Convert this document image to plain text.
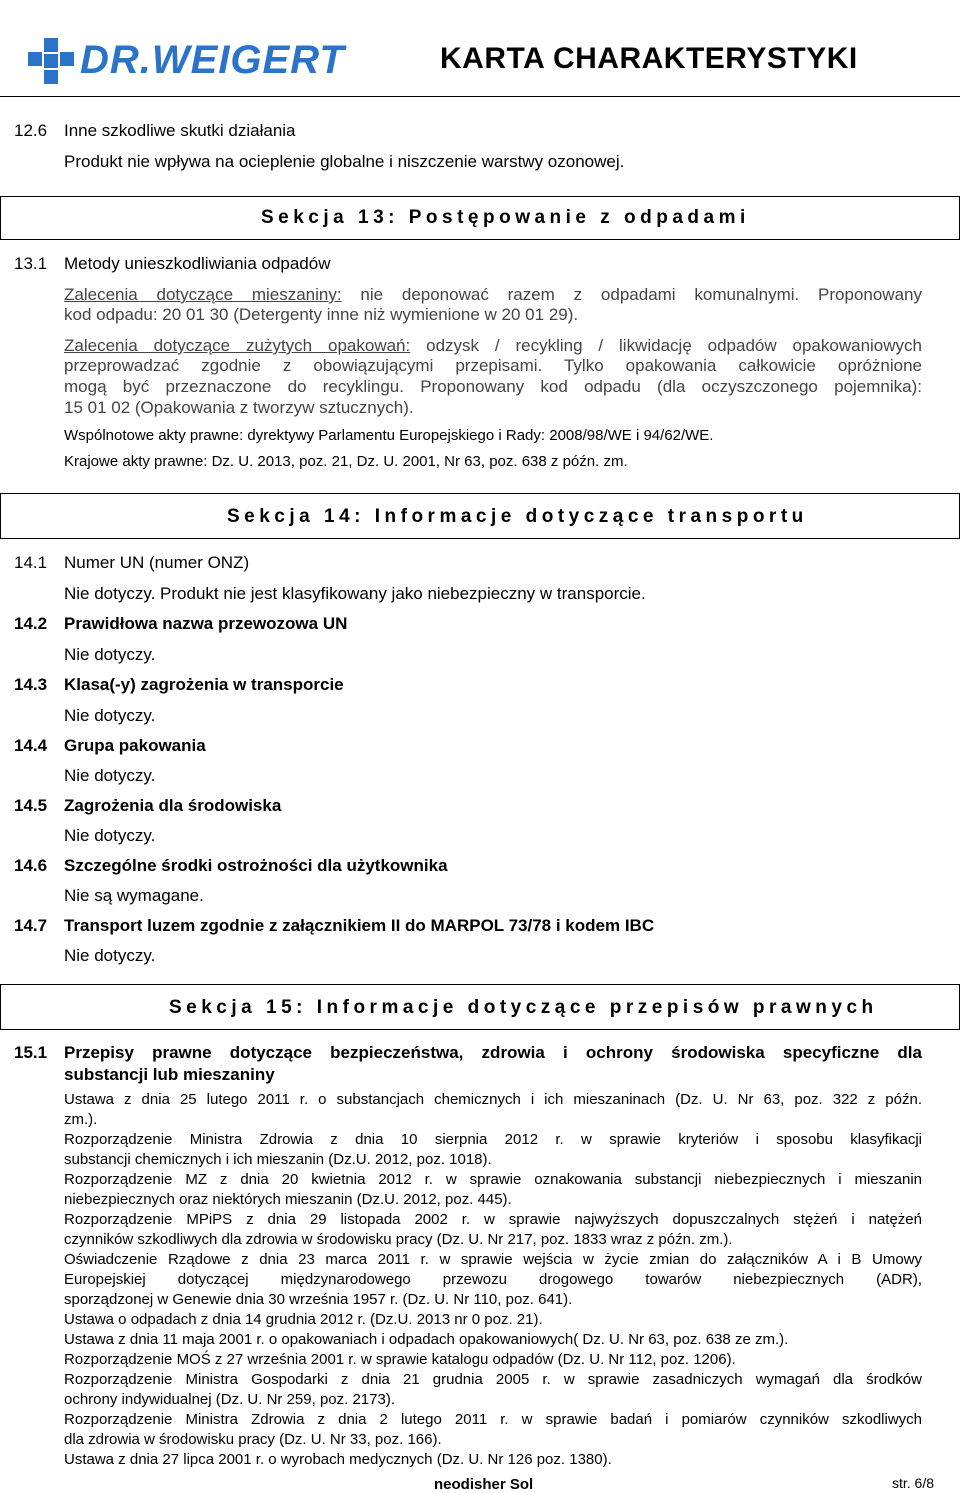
Data aktualizacji: 22.05.2013 r.	Wersja: 3.0/PL
DR.WEIGERT	KARTA CHARAKTERYSTYKI
12.6 Inne szkodliwe skutki działania
Produkt nie wpływa na ocieplenie globalne i niszczenie warstwy ozonowej.
Sekcja 13: Postępowanie z odpadami
13.1 Metody unieszkodliwiania odpadów
Zalecenia dotyczące mieszaniny: nie deponować razem z odpadami komunalnymi. Proponowany
kod odpadu: 20 01 30 (Detergenty inne niż wymienione w 20 01 29).
Zalecenia dotyczące zużytych opakowań: odzysk / recykling / likwidację odpadów opakowaniowych
przeprowadzać zgodnie z obowiązującymi przepisami. Tylko opakowania całkowicie opróżnione
mogą być przeznaczone do recyklingu. Proponowany kod odpadu (dla oczyszczonego pojemnika):
15 01 02 (Opakowania z tworzyw sztucznych).
Wspólnotowe akty prawne: dyrektywy Parlamentu Europejskiego i Rady: 2008/98/WE i 94/62/WE.
Krajowe akty prawne: Dz. U. 2013, poz. 21, Dz. U. 2001, Nr 63, poz. 638 z późn. zm.
Sekcja 14: Informacje dotyczące transportu
14.1 Numer UN (numer ONZ)
Nie dotyczy. Produkt nie jest klasyfikowany jako niebezpieczny w transporcie.
14.2 Prawidłowa nazwa przewozowa UN
Nie dotyczy.
14.3 Klasa(-y) zagrożenia w transporcie
Nie dotyczy.
14.4 Grupa pakowania
Nie dotyczy.
14.5 Zagrożenia dla środowiska
Nie dotyczy.
14.6 Szczególne środki ostrożności dla użytkownika
Nie są wymagane.
14.7 Transport luzem zgodnie z załącznikiem II do MARPOL 73/78 i kodem IBC
Nie dotyczy.
Sekcja 15: Informacje dotyczące przepisów prawnych
15.1 Przepisy prawne dotyczące bezpieczeństwa, zdrowia i ochrony środowiska specyficzne dla
substancji lub mieszaniny
Ustawa z dnia 25 lutego 2011 r. o substancjach chemicznych i ich mieszaninach (Dz. U. Nr 63, poz. 322 z późn.
zm.).
Rozporządzenie Ministra Zdrowia z dnia 10 sierpnia 2012 r. w sprawie kryteriów i sposobu klasyfikacji
substancji chemicznych i ich mieszanin (Dz.U. 2012, poz. 1018).
Rozporządzenie MZ z dnia 20 kwietnia 2012 r. w sprawie oznakowania substancji niebezpiecznych i mieszanin
niebezpiecznych oraz niektórych mieszanin (Dz.U. 2012, poz. 445).
Rozporządzenie MPiPS z dnia 29 listopada 2002 r. w sprawie najwyższych dopuszczalnych stężeń i natężeń
czynników szkodliwych dla zdrowia w środowisku pracy (Dz. U. Nr 217, poz. 1833 wraz z późn. zm.).
Oświadczenie Rządowe z dnia 23 marca 2011 r. w sprawie wejścia w życie zmian do załączników A i B Umowy
Europejskiej dotyczącej międzynarodowego przewozu drogowego towarów niebezpiecznych (ADR),
sporządzonej w Genewie dnia 30 września 1957 r. (Dz. U. Nr 110, poz. 641).
Ustawa o odpadach z dnia 14 grudnia 2012 r. (Dz.U. 2013 nr 0 poz. 21).
Ustawa z dnia 11 maja 2001 r. o opakowaniach i odpadach opakowaniowych( Dz. U. Nr 63, poz. 638 ze zm.).
Rozporządzenie MOŚ z 27 września 2001 r. w sprawie katalogu odpadów (Dz. U. Nr 112, poz. 1206).
Rozporządzenie Ministra Gospodarki z dnia 21 grudnia 2005 r. w sprawie zasadniczych wymagań dla środków
ochrony indywidualnej (Dz. U. Nr 259, poz. 2173).
Rozporządzenie Ministra Zdrowia z dnia 2 lutego 2011 r. w sprawie badań i pomiarów czynników szkodliwych
dla zdrowia w środowisku pracy (Dz. U. Nr 33, poz. 166).
Ustawa z dnia 27 lipca 2001 r. o wyrobach medycznych (Dz. U. Nr 126 poz. 1380).
neodisher Sol	str. 6/8
